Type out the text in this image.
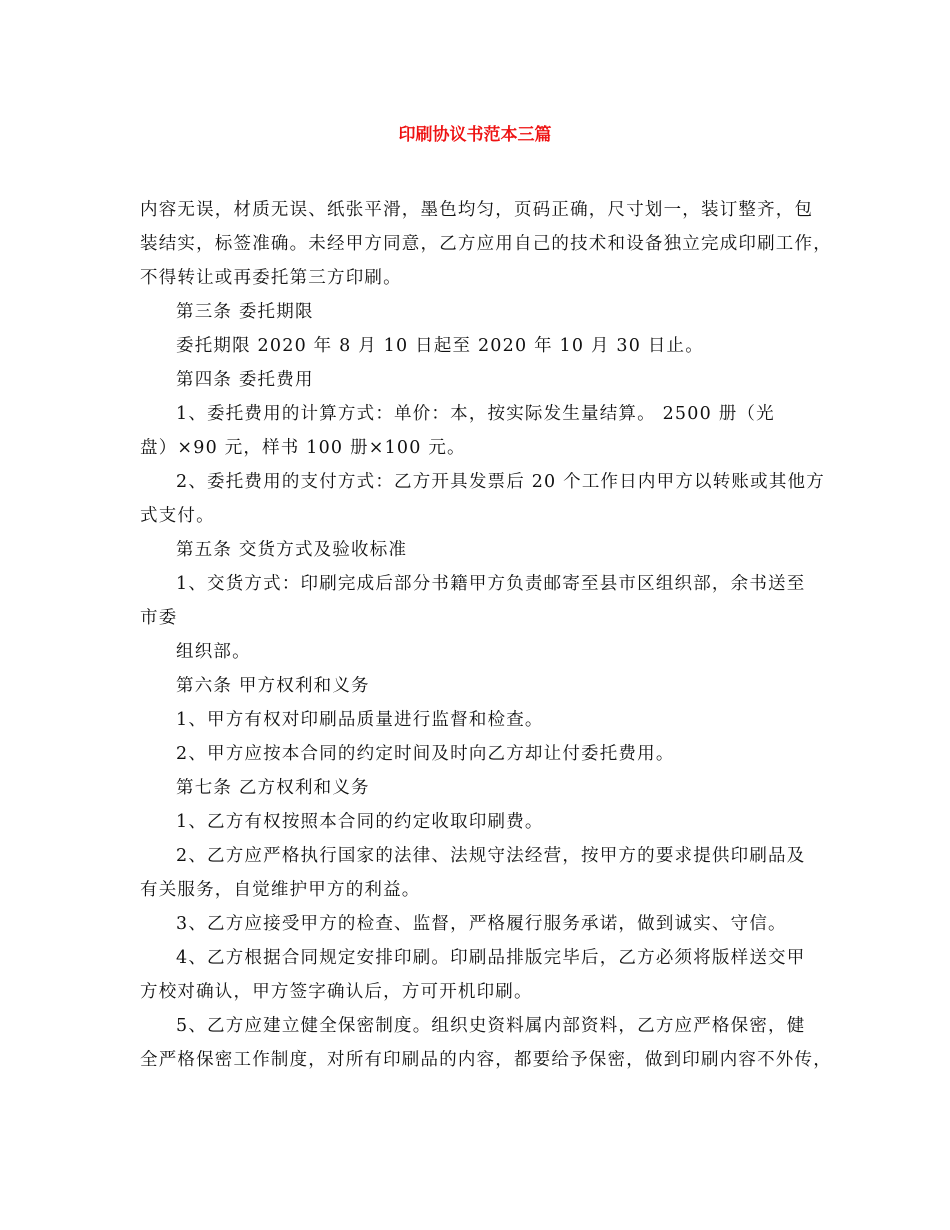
印刷协议书范本三篇

内容无误，材质无误、纸张平滑，墨色均匀，页码正确，尺寸划一，装订整齐，包

装结实，标签准确。未经甲方同意，乙方应用自己的技术和设备独立完成印刷工作，

不得转让或再委托第三方印刷。

第三条 委托期限

委托期限 2020 年 8 月 10 日起至 2020 年 10 月 30 日止。

第四条 委托费用

1、委托费用的计算方式：单价：本，按实际发生量结算。 2500 册（光

盘）×90 元，样书 100 册×100 元。

2、委托费用的支付方式：乙方开具发票后 20 个工作日内甲方以转账或其他方

式支付。

第五条 交货方式及验收标准

1、交货方式：印刷完成后部分书籍甲方负责邮寄至县市区组织部，余书送至

市委

组织部。

第六条 甲方权利和义务

1、甲方有权对印刷品质量进行监督和检查。

2、甲方应按本合同的约定时间及时向乙方却让付委托费用。

第七条 乙方权利和义务

1、乙方有权按照本合同的约定收取印刷费。

2、乙方应严格执行国家的法律、法规守法经营，按甲方的要求提供印刷品及

有关服务，自觉维护甲方的利益。

3、乙方应接受甲方的检查、监督，严格履行服务承诺，做到诚实、守信。

4、乙方根据合同规定安排印刷。印刷品排版完毕后，乙方必须将版样送交甲

方校对确认，甲方签字确认后，方可开机印刷。

5、乙方应建立健全保密制度。组织史资料属内部资料，乙方应严格保密，健

全严格保密工作制度，对所有印刷品的内容，都要给予保密，做到印刷内容不外传，
